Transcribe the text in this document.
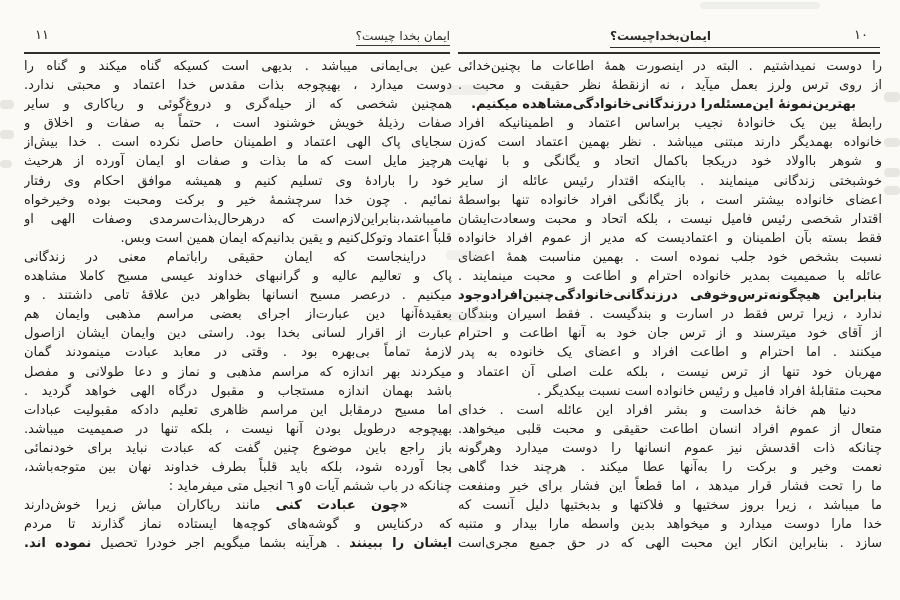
١١	ایمان بخدا چیست؟
عین بی‌ایمانی میباشد . بدیهی است کسیکه گناه میکند و گناه را
دوست میدارد ، بهیچوجه بذات مقدس خدا اعتماد و محبتی ندارد.
همچنین شخصی که از حیله‌گری و دروغ‌گوئی و ریاکاری و سایر
صفات رذیلهٔ خویش خوشنود است ، حتماً به صفات و اخلاق و
سجایای پاک الهی اعتماد و اطمینان حاصل نکرده است . خدا بیش‌از
هرچیز مایل است که ما بذات و صفات او ایمان آورده از هرحیث
خود را بارادهٔ وی تسلیم کنیم و همیشه موافق احکام وی رفتار
نمائیم . چون خدا سرچشمهٔ خیر و برکت ومحبت بوده وخیرخواه
مامیباشد،بنابراین‌لازم‌است که درهرحال‌بذات‌سرمدی وصفات الهی او
قلباً اعتماد وتوکل‌کنیم و یقین بدانیم‌که ایمان همین است وبس.
دراینجاست که ایمان حقیقی راباتمام معنی در زندگانی
پاک و تعالیم عالیه و گرانبهای خداوند عیسی مسیح کاملا مشاهده
میکنیم . درعصر مسیح انسانها بظواهر دین علاقهٔ تامی داشتند . و
بعقیدهٔ‌آنها دین عبارت‌از اجرای بعضی مراسم مذهبی وایمان هم
عبارت از اقرار لسانی بخدا بود. راستی دین وایمان ایشان ازاصول
لازمهٔ تماماً بی‌بهره بود . وقتی در معابد عبادت مینمودند گمان
میکردند بهر اندازه که مراسم مذهبی و نماز و دعا طولانی و مفصل
باشد بهمان اندازه مستجاب و مقبول درگاه الهی خواهد گردید .
اما مسیح درمقابل این مراسم ظاهری تعلیم دادکه مقبولیت عبادات
بهیچوجه درطویل بودن آنها نیست ، بلکه تنها در صمیمیت میباشد.
باز راجع باین موضوع چنین گفت که عبادت نباید برای خودنمائی
بجا آورده شود، بلکه باید قلباً بطرف خداوند نهان بین متوجه‌باشد،
چنانکه در باب ششم آیات ٥و ٦ انجیل متی میفرماید :
«چون عبادت کنی مانند ریاکاران مباش زیرا خوش‌دارند
که درکنایس و گوشه‌های کوچه‌ها ایستاده نماز گذارند تا مردم
ایشان را ببینند . هرآینه بشما میگویم اجر خودرا تحصیل نموده اند.
١٠
ایمان‌بخداچیست؟
را دوست نمیداشتیم . البته در اینصورت همهٔ اطاعات ما بچنین‌خدائی
از روی ترس ولرز بعمل میآید ، نه ازنقطهٔ نظر حقیقت و محبت .
بهترین‌نمونهٔ این‌مسئله‌را درزندگانی‌خانوادگی‌مشاهده میکنیم.
رابطهٔ بین یک خانوادهٔ نجیب براساس اعتماد و اطمینانیکه افراد
خانواده بهمدیگر دارند مبتنی میباشد . نظر بهمین اعتماد است که‌زن
و شوهر بااولاد خود دریکجا باکمال اتحاد و یگانگی و با نهایت
خوشبختی زندگانی مینمایند . بااینکه اقتدار رئیس عائله از سایر
اعضای خانواده بیشتر است ، باز یگانگی افراد خانواده تنها بواسطهٔ
اقتدار شخصی رئیس فامیل نیست ، بلکه اتحاد و محبت وسعادت‌ایشان
فقط بسته بآن اطمینان و اعتمادیست که مدیر از عموم افراد خانواده
نسبت بشخص خود جلب نموده است . بهمین مناسبت همهٔ اعضای
عائله با صمیمیت بمدیر خانواده احترام و اطاعت و محبت مینمایند .
بنابراین هیچگونه‌ترس‌وخوفی درزندگانی‌خانوادگی‌چنین‌افرادوجود
ندارد ، زیرا ترس فقط در اسارت و بندگیست . فقط اسیران وبندگان
از آقای خود میترسند و از ترس جان خود به آنها اطاعت و احترام
میکنند . اما احترام و اطاعت افراد و اعضای یک خانوده به پدر
مهربان خود تنها از ترس نیست ، بلکه علت اصلی آن اعتماد و
محبت متقابلهٔ افراد فامیل و رئیس خانواده است نسبت بیکدیگر .
دنیا هم خانهٔ خداست و بشر افراد این عائله است . خدای
متعال از عموم افراد انسان اطاعت حقیقی و محبت قلبی میخواهد.
چنانکه ذات اقدسش نیز عموم انسانها را دوست میدارد وهرگونه
نعمت وخیر و برکت را به‌آنها عطا میکند . هرچند خدا گاهی
ما را تحت فشار قرار میدهد ، اما قطعاً این فشار برای خیر ومنفعت
ما میباشد ، زیرا بروز سختیها و فلاکتها و بدبختیها دلیل آنست که
خدا مارا دوست میدارد و میخواهد بدین واسطه مارا بیدار و متنبه
سازد . بنابراین انکار این محبت الهی که در حق جمیع مجری‌است
